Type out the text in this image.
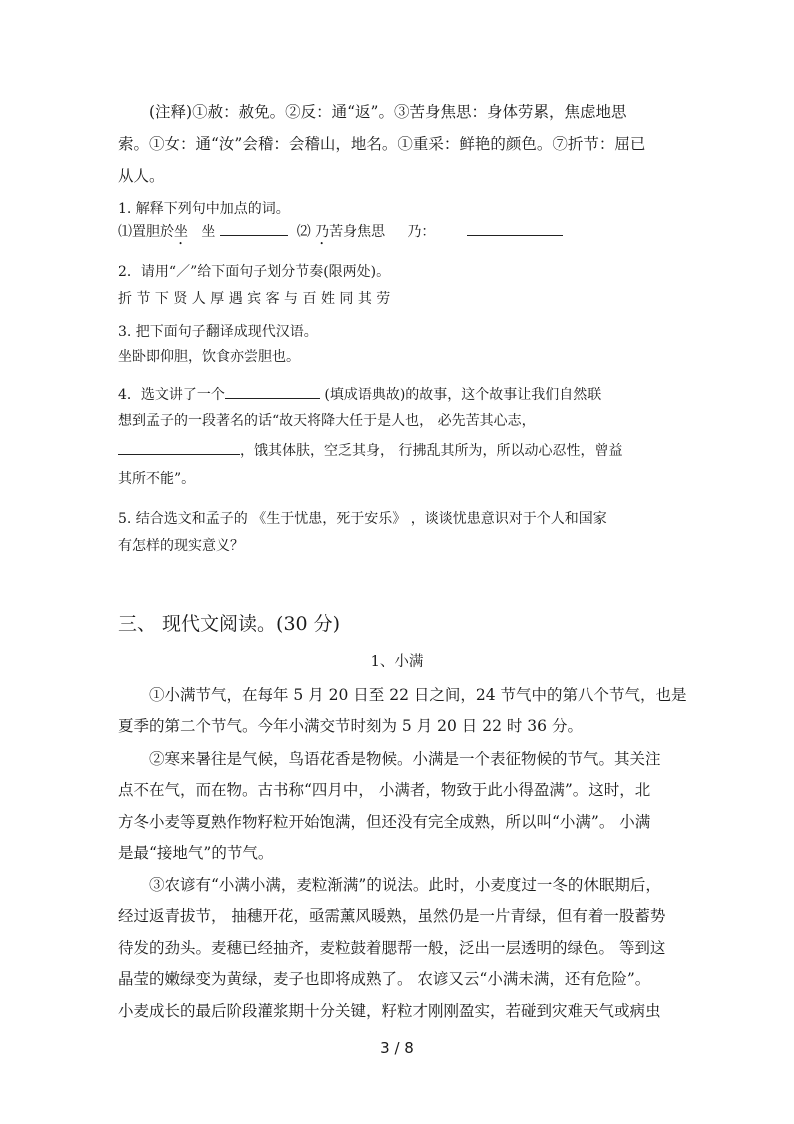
　　(注释)①赦：赦免。②反：通“返”。③苦身焦思：身体劳累，焦虑地思
索。①女：通“汝”会稽：会稽山，地名。①重采：鲜艳的颜色。⑦折节：屈已
从人。
1. 解释下列句中加点的词。
⑴置胆於坐 坐	⑵ 乃苦身焦思 乃：
2．请用“／”给下面句子划分节奏(限两处)。
折 节 下 贤 人 厚 遇 宾 客 与 百 姓 同 其 劳
3. 把下面句子翻译成现代汉语。
坐卧即仰胆，饮食亦尝胆也。
4．选文讲了一个	(填成语典故)的故事，这个故事让我们自然联
想到孟子的一段著名的话“故天将降大任于是人也， 必先苦其心志，
，饿其体肤，空乏其身， 行拂乱其所为，所以动心忍性，曾益
其所不能”。
5. 结合选文和孟子的 《生于忧患，死于安乐》 ，谈谈忧患意识对于个人和国家
有怎样的现实意义？
三、 现代文阅读。(30 分)
1、小满
　　①小满节气，在每年 5 月 20 日至 22 日之间，24 节气中的第八个节气，也是
夏季的第二个节气。今年小满交节时刻为 5 月 20 日 22 时 36 分。
　　②寒来暑往是气候，鸟语花香是物候。小满是一个表征物候的节气。其关注
点不在气，而在物。古书称“四月中， 小满者，物致于此小得盈满”。这时，北
方冬小麦等夏熟作物籽粒开始饱满，但还没有完全成熟，所以叫“小满”。 小满
是最“接地气”的节气。
　　③农谚有“小满小满，麦粒渐满”的说法。此时，小麦度过一冬的休眠期后，
经过返青拔节， 抽穗开花，亟需薰风暖熟，虽然仍是一片青绿，但有着一股蓄势
待发的劲头。麦穗已经抽齐，麦粒鼓着腮帮一般，泛出一层透明的绿色。 等到这
晶莹的嫩绿变为黄绿，麦子也即将成熟了。 农谚又云“小满未满，还有危险”。
小麦成长的最后阶段灌浆期十分关键，籽粒才刚刚盈实，若碰到灾难天气或病虫
3 / 8
